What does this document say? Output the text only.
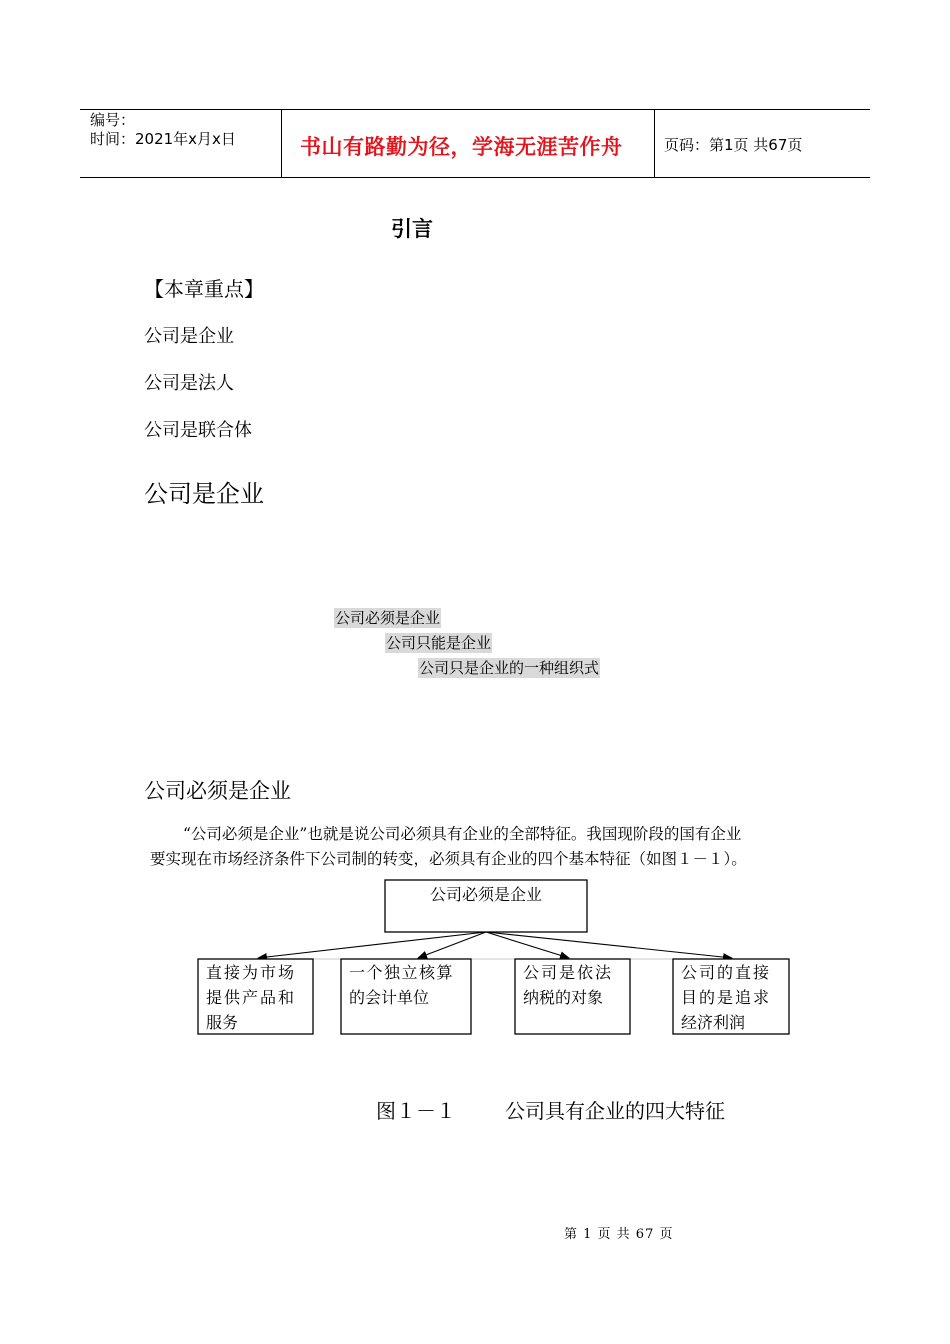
编号：
时间：2021年x月x日	书山有路勤为径，学海无涯苦作舟	页码：第1页 共67页
引言
【本章重点】
公司是企业
公司是法人
公司是联合体
公司是企业
公司必须是企业
公司只能是企业
公司只是企业的一种组织式
公司必须是企业
“公司必须是企业”也就是说公司必须具有企业的全部特征。我国现阶段的国有企业
要实现在市场经济条件下公司制的转变，必须具有企业的四个基本特征（如图１－１）。
公司必须是企业
直接为市场
提供产品和
服务
一个独立核算
的会计单位
公司是依法
纳税的对象
公司的直接
目的是追求
经济利润
图１－１ 公司具有企业的四大特征
第 1 页 共 67 页
